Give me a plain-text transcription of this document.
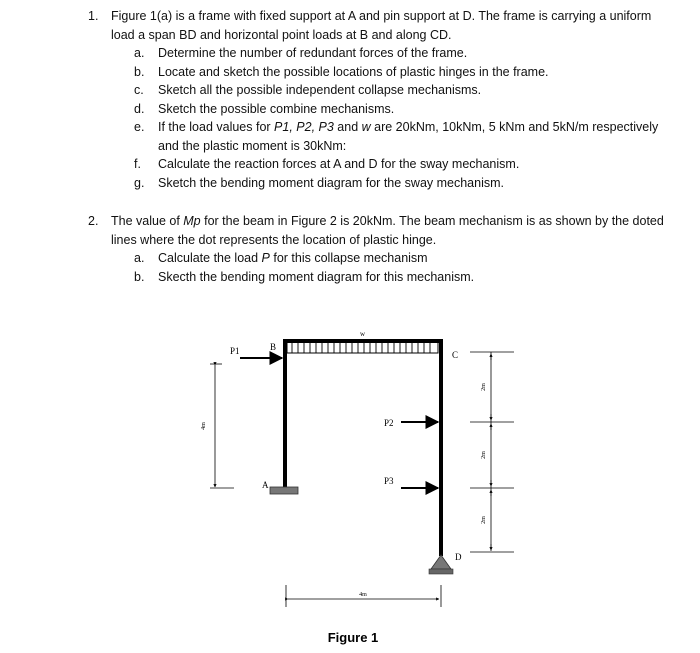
1. Figure 1(a) is a frame with fixed support at A and pin support at D. The frame is carrying a uniform load a span BD and horizontal point loads at B and along CD.
a.	Determine the number of redundant forces of the frame.
b.	Locate and sketch the possible locations of plastic hinges in the frame.
c.	Sketch all the possible independent collapse mechanisms.
d.	Sketch the possible combine mechanisms.
e.	If the load values for P1, P2, P3 and w are 20kNm, 10kNm, 5 kNm and 5kN/m respectively and the plastic moment is 30kNm:
f.	Calculate the reaction forces at A and D for the sway mechanism.
g.	Sketch the bending moment diagram for the sway mechanism.
2. The value of Mp for the beam in Figure 2 is 20kNm. The beam mechanism is as shown by the doted lines where the dot represents the location of plastic hinge.
a.	Calculate the load P for this collapse mechanism
b.	Skecth the bending moment diagram for this mechanism.
P1	B
w
C
P2
P3
A
D
4m
4m
2m
2m
2m
Figure 1
